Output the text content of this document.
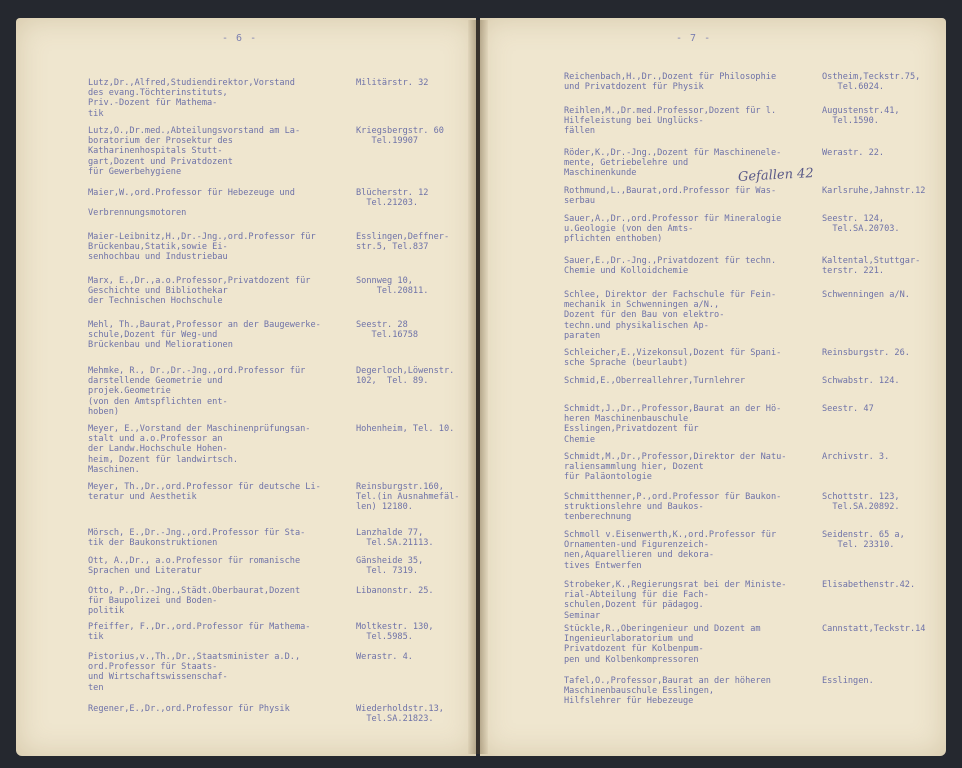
- 6 -
Lutz,Dr.,Alfred,Studiendirektor,Vorstand
des evang.Töchterinstituts,
Priv.-Dozent für Mathema-
tik
Militärstr. 32
Lutz,O.,Dr.med.,Abteilungsvorstand am La-
boratorium der Prosektur des
Katharinenhospitals Stutt-
gart,Dozent und Privatdozent
für Gewerbehygiene
Kriegsbergstr. 60
Tel.19907
Maier,W.,ord.Professor für Hebezeuge und

Verbrennungsmotoren
Blücherstr. 12
Tel.21203.
Maier-Leibnitz,H.,Dr.-Jng.,ord.Professor für
Brückenbau,Statik,sowie Ei-
senhochbau und Industriebau
Esslingen,Deffner-
str.5, Tel.837
Marx, E.,Dr.,a.o.Professor,Privatdozent für
Geschichte und Bibliothekar
der Technischen Hochschule
Sonnweg 10,
Tel.20811.
Mehl, Th.,Baurat,Professor an der Baugewerke-
schule,Dozent für Weg-und
Brückenbau und Meliorationen
Seestr. 28
Tel.16758
Mehmke, R., Dr.,Dr.-Jng.,ord.Professor für
darstellende Geometrie und
projek.Geometrie
(von den Amtspflichten ent-
hoben)
Degerloch,Löwenstr.
102,  Tel. 89.
Meyer, E.,Vorstand der Maschinenprüfungsan-
stalt und a.o.Professor an
der Landw.Hochschule Hohen-
heim, Dozent für landwirtsch.
Maschinen.
Hohenheim, Tel. 10.
Meyer, Th.,Dr.,ord.Professor für deutsche Li-
teratur und Aesthetik
Reinsburgstr.160,
Tel.(in Ausnahmefäl-
len) 12180.
Mörsch, E.,Dr.-Jng.,ord.Professor für Sta-
tik der Baukonstruktionen
Lanzhalde 77,
Tel.SA.21113.
Ott, A.,Dr., a.o.Professor für romanische
Sprachen und Literatur
Gänsheide 35,
Tel. 7319.
Otto, P.,Dr.-Jng.,Städt.Oberbaurat,Dozent
für Baupolizei und Boden-
politik
Libanonstr. 25.
Pfeiffer, F.,Dr.,ord.Professor für Mathema-
tik
Moltkestr. 130,
Tel.5985.
Pistorius,v.,Th.,Dr.,Staatsminister a.D.,
ord.Professor für Staats-
und Wirtschaftswissenschaf-
ten
Werastr. 4.
Regener,E.,Dr.,ord.Professor für Physik	Wiederholdstr.13,
Tel.SA.21823.
- 7 -
Reichenbach,H.,Dr.,Dozent für Philosophie
und Privatdozent für Physik
Ostheim,Teckstr.75,
Tel.6024.
Reihlen,M.,Dr.med.Professor,Dozent für l.
Hilfeleistung bei Unglücks-
fällen
Augustenstr.41,
Tel.1590.
Röder,K.,Dr.-Jng.,Dozent für Maschinenele-
mente, Getriebelehre und
Maschinenkunde
Werastr. 22.
Rothmund,L.,Baurat,ord.Professor für Was-
serbau
Karlsruhe,Jahnstr.12
Sauer,A.,Dr.,ord.Professor für Mineralogie
u.Geologie (von den Amts-
pflichten enthoben)
Seestr. 124,
Tel.SA.20703.
Sauer,E.,Dr.-Jng.,Privatdozent für techn.
Chemie und Kolloidchemie
Kaltental,Stuttgar-
terstr. 221.
Schlee, Direktor der Fachschule für Fein-
mechanik in Schwenningen a/N.,
Dozent für den Bau von elektro-
techn.und physikalischen Ap-
paraten
Schwenningen a/N.
Schleicher,E.,Vizekonsul,Dozent für Spani-
sche Sprache (beurlaubt)
Reinsburgstr. 26.
Schmid,E.,Oberreallehrer,Turnlehrer	Schwabstr. 124.
Schmidt,J.,Dr.,Professor,Baurat an der Hö-
heren Maschinenbauschule
Esslingen,Privatdozent für
Chemie
Seestr. 47
Schmidt,M.,Dr.,Professor,Direktor der Natu-
raliensammlung hier, Dozent
für Paläontologie
Archivstr. 3.
Schmitthenner,P.,ord.Professor für Baukon-
struktionslehre und Baukos-
tenberechnung
Schottstr. 123,
Tel.SA.20892.
Schmoll v.Eisenwerth,K.,ord.Professor für
Ornamenten-und Figurenzeich-
nen,Aquarellieren und dekora-
tives Entwerfen
Seidenstr. 65 a,
Tel. 23310.
Strobeker,K.,Regierungsrat bei der Ministe-
rial-Abteilung für die Fach-
schulen,Dozent für pädagog.
Seminar
Elisabethenstr.42.
Stückle,R.,Oberingenieur und Dozent am
Ingenieurlaboratorium und
Privatdozent für Kolbenpum-
pen und Kolbenkompressoren
Cannstatt,Teckstr.14
Tafel,O.,Professor,Baurat an der höheren
Maschinenbauschule Esslingen,
Hilfslehrer für Hebezeuge
Esslingen.
Gefallen 42
